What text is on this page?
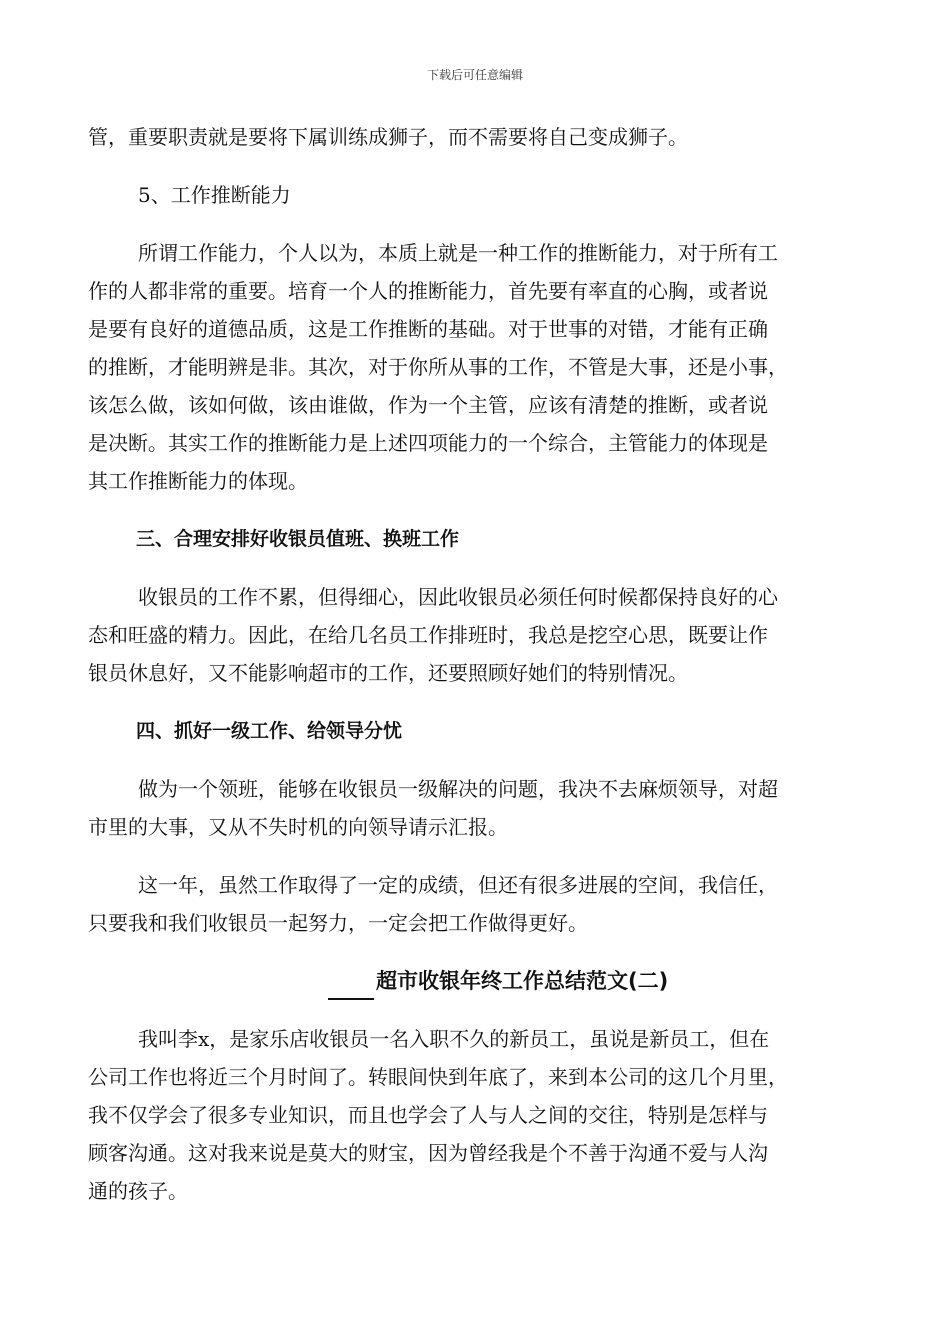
下载后可任意编辑
管，重要职责就是要将下属训练成狮子，而不需要将自己变成狮子。
5、工作推断能力
所谓工作能力，个人以为，本质上就是一种工作的推断能力，对于所有工
作的人都非常的重要。培育一个人的推断能力，首先要有率直的心胸，或者说
是要有良好的道德品质，这是工作推断的基础。对于世事的对错，才能有正确
的推断，才能明辨是非。其次，对于你所从事的工作，不管是大事，还是小事，
该怎么做，该如何做，该由谁做，作为一个主管，应该有清楚的推断，或者说
是决断。其实工作的推断能力是上述四项能力的一个综合，主管能力的体现是
其工作推断能力的体现。
三、合理安排好收银员值班、换班工作
收银员的工作不累，但得细心，因此收银员必须任何时候都保持良好的心
态和旺盛的精力。因此，在给几名员工作排班时，我总是挖空心思，既要让作
银员休息好，又不能影响超市的工作，还要照顾好她们的特别情况。
四、抓好一级工作、给领导分忧
做为一个领班，能够在收银员一级解决的问题，我决不去麻烦领导，对超
市里的大事，又从不失时机的向领导请示汇报。
这一年，虽然工作取得了一定的成绩，但还有很多进展的空间，我信任，
只要我和我们收银员一起努力，一定会把工作做得更好。
超市收银年终工作总结范文(二)
我叫李x，是家乐店收银员一名入职不久的新员工，虽说是新员工，但在
公司工作也将近三个月时间了。转眼间快到年底了，来到本公司的这几个月里，
我不仅学会了很多专业知识，而且也学会了人与人之间的交往，特别是怎样与
顾客沟通。这对我来说是莫大的财宝，因为曾经我是个不善于沟通不爱与人沟
通的孩子。
